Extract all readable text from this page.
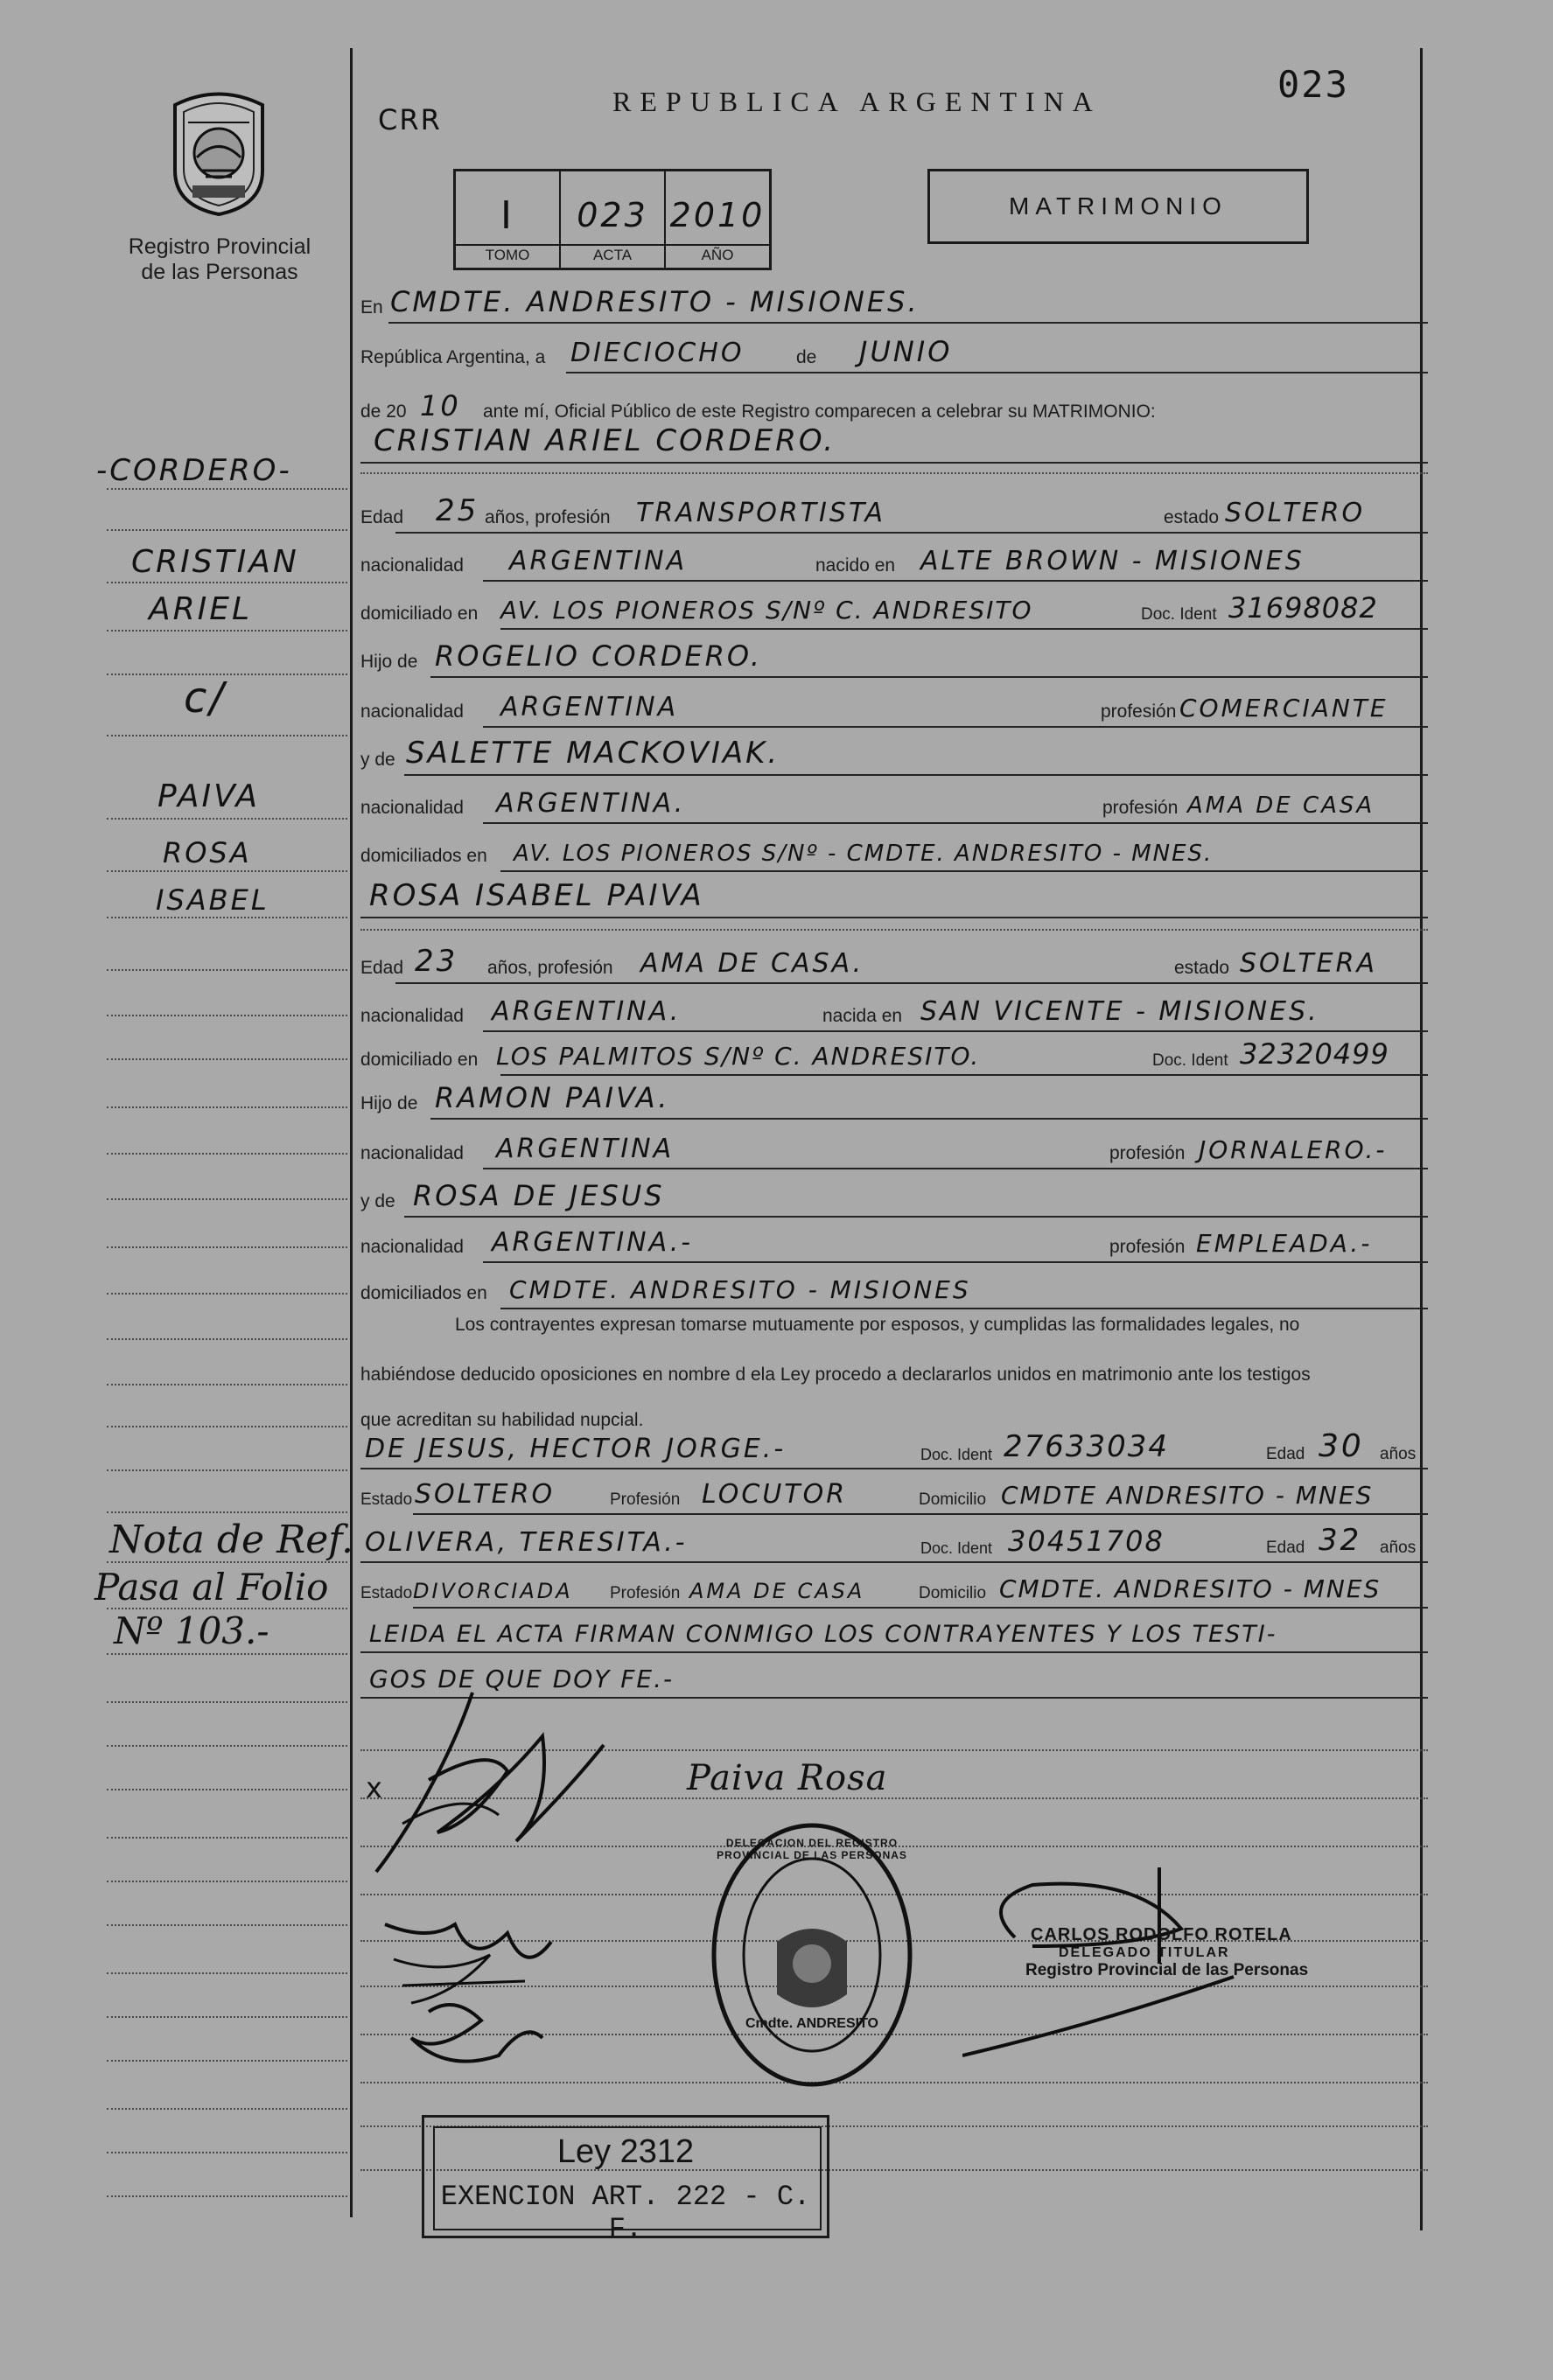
Registro Provincial
de las Personas
CRR
REPUBLICA ARGENTINA	023
I	023 2010
TOMO	ACTA	AÑO
MATRIMONIO
-CORDERO-
CRISTIAN
ARIEL
c/
PAIVA
ROSA
ISABEL
Nota de Ref.
Pasa al Folio
Nº 103.-
En CMDTE. ANDRESITO - MISIONES.
República Argentina, a DIECIOCHO	de JUNIO
de 20 10 ante mí, Oficial Público de este Registro comparecen a celebrar su MATRIMONIO:
CRISTIAN ARIEL CORDERO.
Edad 25 años, profesión TRANSPORTISTA	estado SOLTERO
nacionalidad ARGENTINA	nacido en ALTE BROWN - MISIONES
domiciliado en AV. LOS PIONEROS S/Nº C. ANDRESITO	Doc. Ident 31698082
Hijo de ROGELIO CORDERO.
nacionalidad ARGENTINA	profesión COMERCIANTE
y de SALETTE MACKOVIAK.
nacionalidad ARGENTINA.	profesión AMA DE CASA
domiciliados en AV. LOS PIONEROS S/Nº - CMDTE. ANDRESITO - MNES.
ROSA ISABEL PAIVA
Edad 23 años, profesión AMA DE CASA.	estado SOLTERA
nacionalidad ARGENTINA.	nacida en SAN VICENTE - MISIONES.
domiciliado en LOS PALMITOS S/Nº C. ANDRESITO.	Doc. Ident 32320499
Hijo de RAMON PAIVA.
nacionalidad ARGENTINA	profesión JORNALERO.-
y de ROSA DE JESUS
nacionalidad ARGENTINA.-	profesión EMPLEADA.-
domiciliados en CMDTE. ANDRESITO - MISIONES
Los contrayentes expresan tomarse mutuamente por esposos, y cumplidas las formalidades legales, no
habiéndose deducido oposiciones en nombre d ela Ley procedo a declararlos unidos en matrimonio ante los testigos
que acreditan su habilidad nupcial.
DE JESUS, HECTOR JORGE.-	Doc. Ident 27633034	Edad 30 años
Estado SOLTERO	Profesión LOCUTOR	Domicilio CMDTE ANDRESITO - MNES
OLIVERA, TERESITA.-	Doc. Ident 30451708	Edad 32 años
Estado DIVORCIADA Profesión AMA DE CASA	Domicilio CMDTE. ANDRESITO - MNES
LEIDA EL ACTA FIRMAN CONMIGO LOS CONTRAYENTES Y LOS TESTI-
GOS DE QUE DOY FE.-
x	Paiva Rosa
DELEGACION DEL REGISTRO PROVINCIAL DE LAS PERSONAS
Cmdte. ANDRESITO
CARLOS RODOLFO ROTELA
DELEGADO TITULAR
Registro Provincial de las Personas
Ley 2312
EXENCION ART. 222 - C. F.
